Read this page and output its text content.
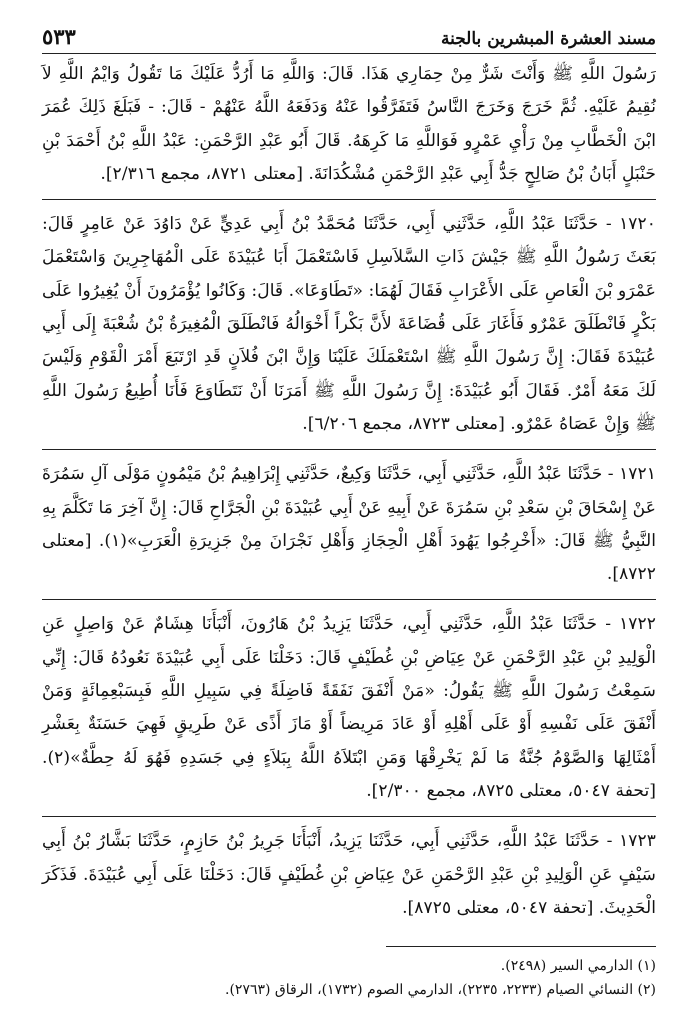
مسند العشرة المبشرين بالجنة
٥٣٣

رَسُولَ اللَّهِ ﷺ وَأَنْتَ شَرٌّ مِنْ حِمَارِي هَذَا. قَالَ: وَاللَّهِ مَا أَرُدُّ عَلَيْكَ مَا تَقُولُ وَايْمُ اللَّهِ لاَ نُقِيمُ عَلَيْهِ. ثُمَّ خَرَجَ وَخَرَجَ النَّاسُ فَتَفَرَّقُوا عَنْهُ وَدَفَعَهُ اللَّهُ عَنْهُمْ - قَالَ: - فَبَلَغَ ذَلِكَ عُمَرَ ابْنَ الْخَطَّابِ مِنْ رَأْيِ عَمْرٍو فَوَاللَّهِ مَا كَرِهَهُ. قَالَ أَبُو عَبْدِ الرَّحْمَنِ: عَبْدُ اللَّهِ بْنُ أَحْمَدَ بْنِ حَنْبَلٍ أَبَانُ بْنُ صَالِحٍ جَدُّ أَبِي عَبْدِ الرَّحْمَنِ مُشْكُدَانَةَ. [معتلى ٨٧٢١، مجمع ٢/٣١٦].

١٧٢٠ - حَدَّثَنَا عَبْدُ اللَّهِ، حَدَّثَنِي أَبِي، حَدَّثَنَا مُحَمَّدُ بْنُ أَبِي عَدِيٍّ عَنْ دَاوُدَ عَنْ عَامِرٍ قَالَ: بَعَثَ رَسُولُ اللَّهِ ﷺ جَيْشَ ذَاتِ السَّلاَسِلِ فَاسْتَعْمَلَ أَبَا عُبَيْدَةَ عَلَى الْمُهَاجِرِينَ وَاسْتَعْمَلَ عَمْرَو بْنَ الْعَاصِ عَلَى الأَعْرَابِ فَقَالَ لَهُمَا: «تَطَاوَعَا». قَالَ: وَكَانُوا يُؤْمَرُونَ أَنْ يُغِيرُوا عَلَى بَكْرٍ فَانْطَلَقَ عَمْرٌو فَأَغَارَ عَلَى قُضَاعَةَ لأَنَّ بَكْراً أَخْوَالُهُ فَانْطَلَقَ الْمُغِيرَةُ بْنُ شُعْبَةَ إِلَى أَبِي عُبَيْدَةَ فَقَالَ: إِنَّ رَسُولَ اللَّهِ ﷺ اسْتَعْمَلَكَ عَلَيْنَا وَإِنَّ ابْنَ فُلاَنٍ قَدِ ارْتَبَعَ أَمْرَ الْقَوْمِ وَلَيْسَ لَكَ مَعَهُ أَمْرٌ. فَقَالَ أَبُو عُبَيْدَةَ: إِنَّ رَسُولَ اللَّهِ ﷺ أَمَرَنَا أَنْ نَتَطَاوَعَ فَأَنَا أُطِيعُ رَسُولَ اللَّهِ ﷺ وَإِنْ عَصَاهُ عَمْرٌو. [معتلى ٨٧٢٣، مجمع ٦/٢٠٦].

١٧٢١ - حَدَّثَنَا عَبْدُ اللَّهِ، حَدَّثَنِي أَبِي، حَدَّثَنَا وَكِيعٌ، حَدَّثَنِي إِبْرَاهِيمُ بْنُ مَيْمُونٍ مَوْلَى آلِ سَمُرَةَ عَنْ إِسْحَاقَ بْنِ سَعْدِ بْنِ سَمُرَةَ عَنْ أَبِيهِ عَنْ أَبِي عُبَيْدَةَ بْنِ الْجَرَّاحِ قَالَ: إِنَّ آخِرَ مَا تَكَلَّمَ بِهِ النَّبِيُّ ﷺ قَالَ: «أَخْرِجُوا يَهُودَ أَهْلِ الْحِجَازِ وَأَهْلِ نَجْرَانَ مِنْ جَزِيرَةِ الْعَرَبِ»(١). [معتلى ٨٧٢٢].

١٧٢٢ - حَدَّثَنَا عَبْدُ اللَّهِ، حَدَّثَنِي أَبِي، حَدَّثَنَا يَزِيدُ بْنُ هَارُونَ، أَنْبَأَنَا هِشَامٌ عَنْ وَاصِلٍ عَنِ الْوَلِيدِ بْنِ عَبْدِ الرَّحْمَنِ عَنْ عِيَاضِ بْنِ غُطَيْفٍ قَالَ: دَخَلْنَا عَلَى أَبِي عُبَيْدَةَ نَعُودُهُ قَالَ: إِنِّي سَمِعْتُ رَسُولَ اللَّهِ ﷺ يَقُولُ: «مَنْ أَنْفَقَ نَفَقَةً فَاضِلَةً فِي سَبِيلِ اللَّهِ فَبِسَبْعِمِائَةٍ وَمَنْ أَنْفَقَ عَلَى نَفْسِهِ أَوْ عَلَى أَهْلِهِ أَوْ عَادَ مَرِيضاً أَوْ مَازَ أَذًى عَنْ طَرِيقٍ فَهِيَ حَسَنَةٌ بِعَشْرِ أَمْثَالِهَا وَالصَّوْمُ جُنَّةٌ مَا لَمْ يَخْرِقْهَا وَمَنِ ابْتَلاَهُ اللَّهُ بِبَلاَءٍ فِي جَسَدِهِ فَهُوَ لَهُ حِطَّةٌ»(٢). [تحفة ٥٠٤٧، معتلى ٨٧٢٥، مجمع ٢/٣٠٠].

١٧٢٣ - حَدَّثَنَا عَبْدُ اللَّهِ، حَدَّثَنِي أَبِي، حَدَّثَنَا يَزِيدُ، أَنْبَأَنَا جَرِيرُ بْنُ حَازِمٍ، حَدَّثَنَا بَشَّارُ بْنُ أَبِي سَيْفٍ عَنِ الْوَلِيدِ بْنِ عَبْدِ الرَّحْمَنِ عَنْ عِيَاضِ بْنِ غُطَيْفٍ قَالَ: دَخَلْنَا عَلَى أَبِي عُبَيْدَةَ. فَذَكَرَ الْحَدِيثَ. [تحفة ٥٠٤٧، معتلى ٨٧٢٥].

(١) الدارمي السير (٢٤٩٨).
(٢) النسائي الصيام (٢٢٣٣، ٢٢٣٥)، الدارمي الصوم (١٧٣٢)، الرقاق (٢٧٦٣).
